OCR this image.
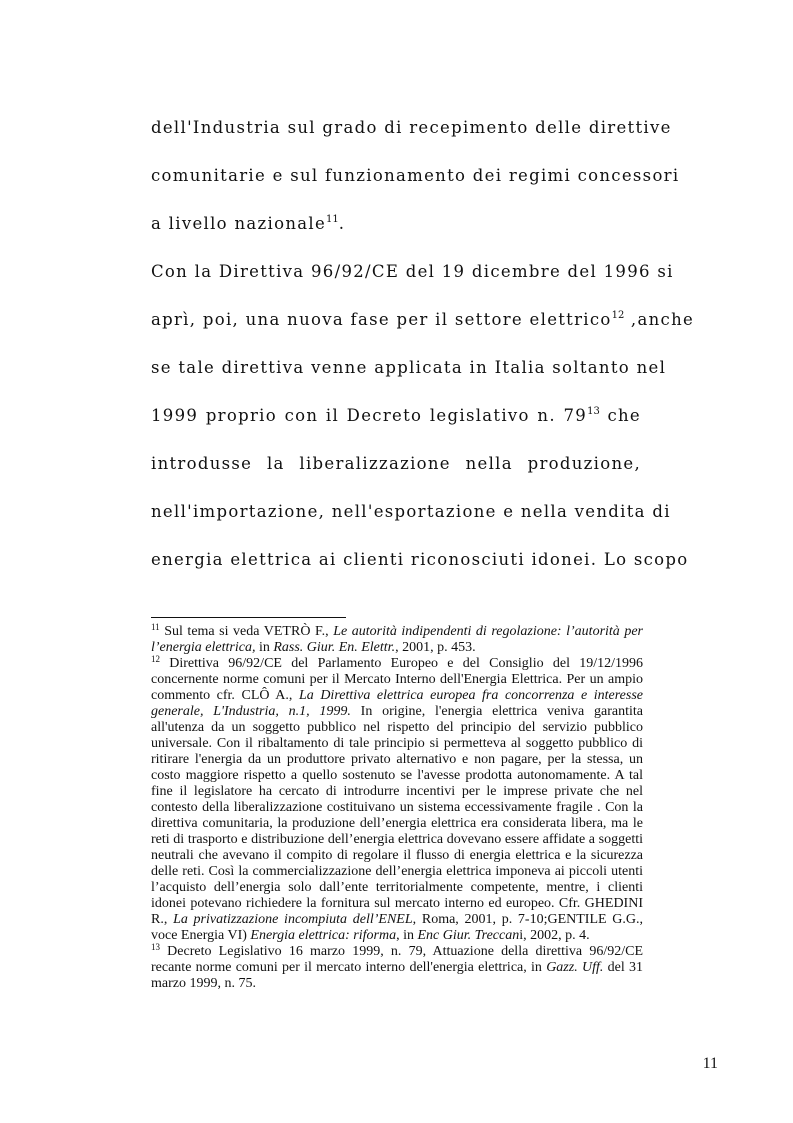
dell'Industria sul grado di recepimento delle direttive
comunitarie e sul funzionamento dei regimi concessori
a livello nazionale$^{11}$.
Con la Direttiva 96/92/CE del 19 dicembre del 1996 si
aprì, poi, una nuova fase per il settore elettrico$^{12}$ ,anche
se tale direttiva venne applicata in Italia soltanto nel
1999 proprio con il Decreto legislativo n. $79^{13}$ che
introdusse la liberalizzazione nella produzione,
nell'importazione, nell'esportazione e nella vendita di
energia elettrica ai clienti riconosciuti idonei. Lo scopo

$^{11}$ Sul tema si veda VETRÒ F., Le autorità indipendenti di regolazione: l’autorità per l’energia elettrica, in Rass. Giur. En. Elettr., 2001, p. 453.

$^{12}$ Direttiva 96/92/CE del Parlamento Europeo e del Consiglio del 19/12/1996 concernente norme comuni per il Mercato Interno dell'Energia Elettrica. Per un ampio commento cfr. CLÔ A., La Direttiva elettrica europea fra concorrenza e interesse generale, L'Industria, n.1, 1999. In origine, l'energia elettrica veniva garantita all'utenza da un soggetto pubblico nel rispetto del principio del servizio pubblico universale. Con il ribaltamento di tale principio si permetteva al soggetto pubblico di ritirare l'energia da un produttore privato alternativo e non pagare, per la stessa, un costo maggiore rispetto a quello sostenuto se l'avesse prodotta autonomamente. A tal fine il legislatore ha cercato di introdurre incentivi per le imprese private che nel contesto della liberalizzazione costituivano un sistema eccessivamente fragile . Con la direttiva comunitaria, la produzione dell’energia elettrica era considerata libera, ma le reti di trasporto e distribuzione dell’energia elettrica dovevano essere affidate a soggetti neutrali che avevano il compito di regolare il flusso di energia elettrica e la sicurezza delle reti. Così la commercializzazione dell’energia elettrica imponeva ai piccoli utenti l’acquisto dell’energia solo dall’ente territorialmente competente, mentre, i clienti idonei potevano richiedere la fornitura sul mercato interno ed europeo. Cfr. GHEDINI R., La privatizzazione incompiuta dell’ENEL, Roma, 2001, p. 7-10;GENTILE G.G., voce Energia VI) Energia elettrica: riforma, in Enc Giur. Treccani, 2002, p. 4.

$^{13}$ Decreto Legislativo 16 marzo 1999, n. 79, Attuazione della direttiva 96/92/CE recante norme comuni per il mercato interno dell'energia elettrica, in Gazz. Uff. del 31 marzo 1999, n. 75.

11
